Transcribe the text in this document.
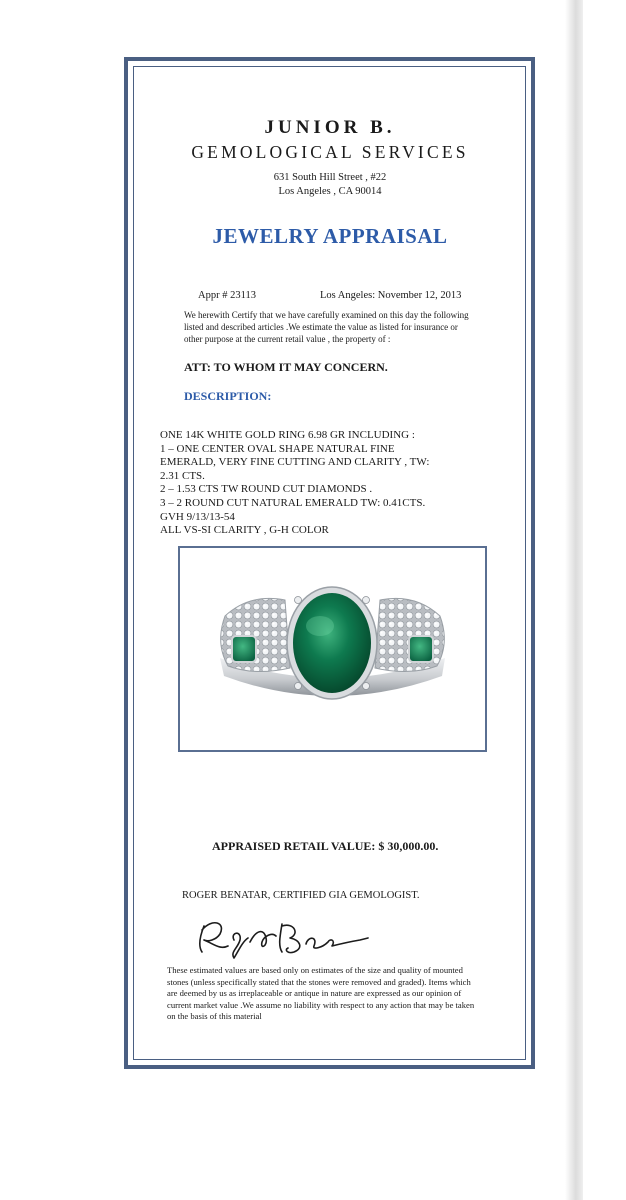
JUNIOR B.
GEMOLOGICAL SERVICES
631 South Hill Street , #22
Los Angeles , CA 90014
JEWELRY APPRAISAL
Appr # 23113	Los Angeles: November 12, 2013
We herewith Certify that we have carefully examined on this day the following listed and described articles .We estimate the value as listed for insurance or other purpose at the current retail value , the property of :
ATT: TO WHOM IT MAY CONCERN.
DESCRIPTION:
ONE 14K WHITE GOLD RING 6.98 GR INCLUDING :
1 – ONE CENTER OVAL SHAPE NATURAL FINE
EMERALD, VERY FINE CUTTING AND CLARITY , TW:
2.31 CTS.
2 – 1.53 CTS TW ROUND CUT DIAMONDS .
3 – 2 ROUND CUT NATURAL EMERALD TW: 0.41CTS.
GVH 9/13/13-54
ALL VS-SI CLARITY , G-H COLOR
APPRAISED RETAIL VALUE: $ 30,000.00.
ROGER BENATAR, CERTIFIED GIA GEMOLOGIST.
These estimated values are based only on estimates of the size and quality of mounted
stones (unless specifically stated that the stones were removed and graded). Items which
are deemed by us as irreplaceable or antique in nature are expressed as our opinion of
current market value .We assume no liability with respect to any action that may be taken
on the basis of this material
